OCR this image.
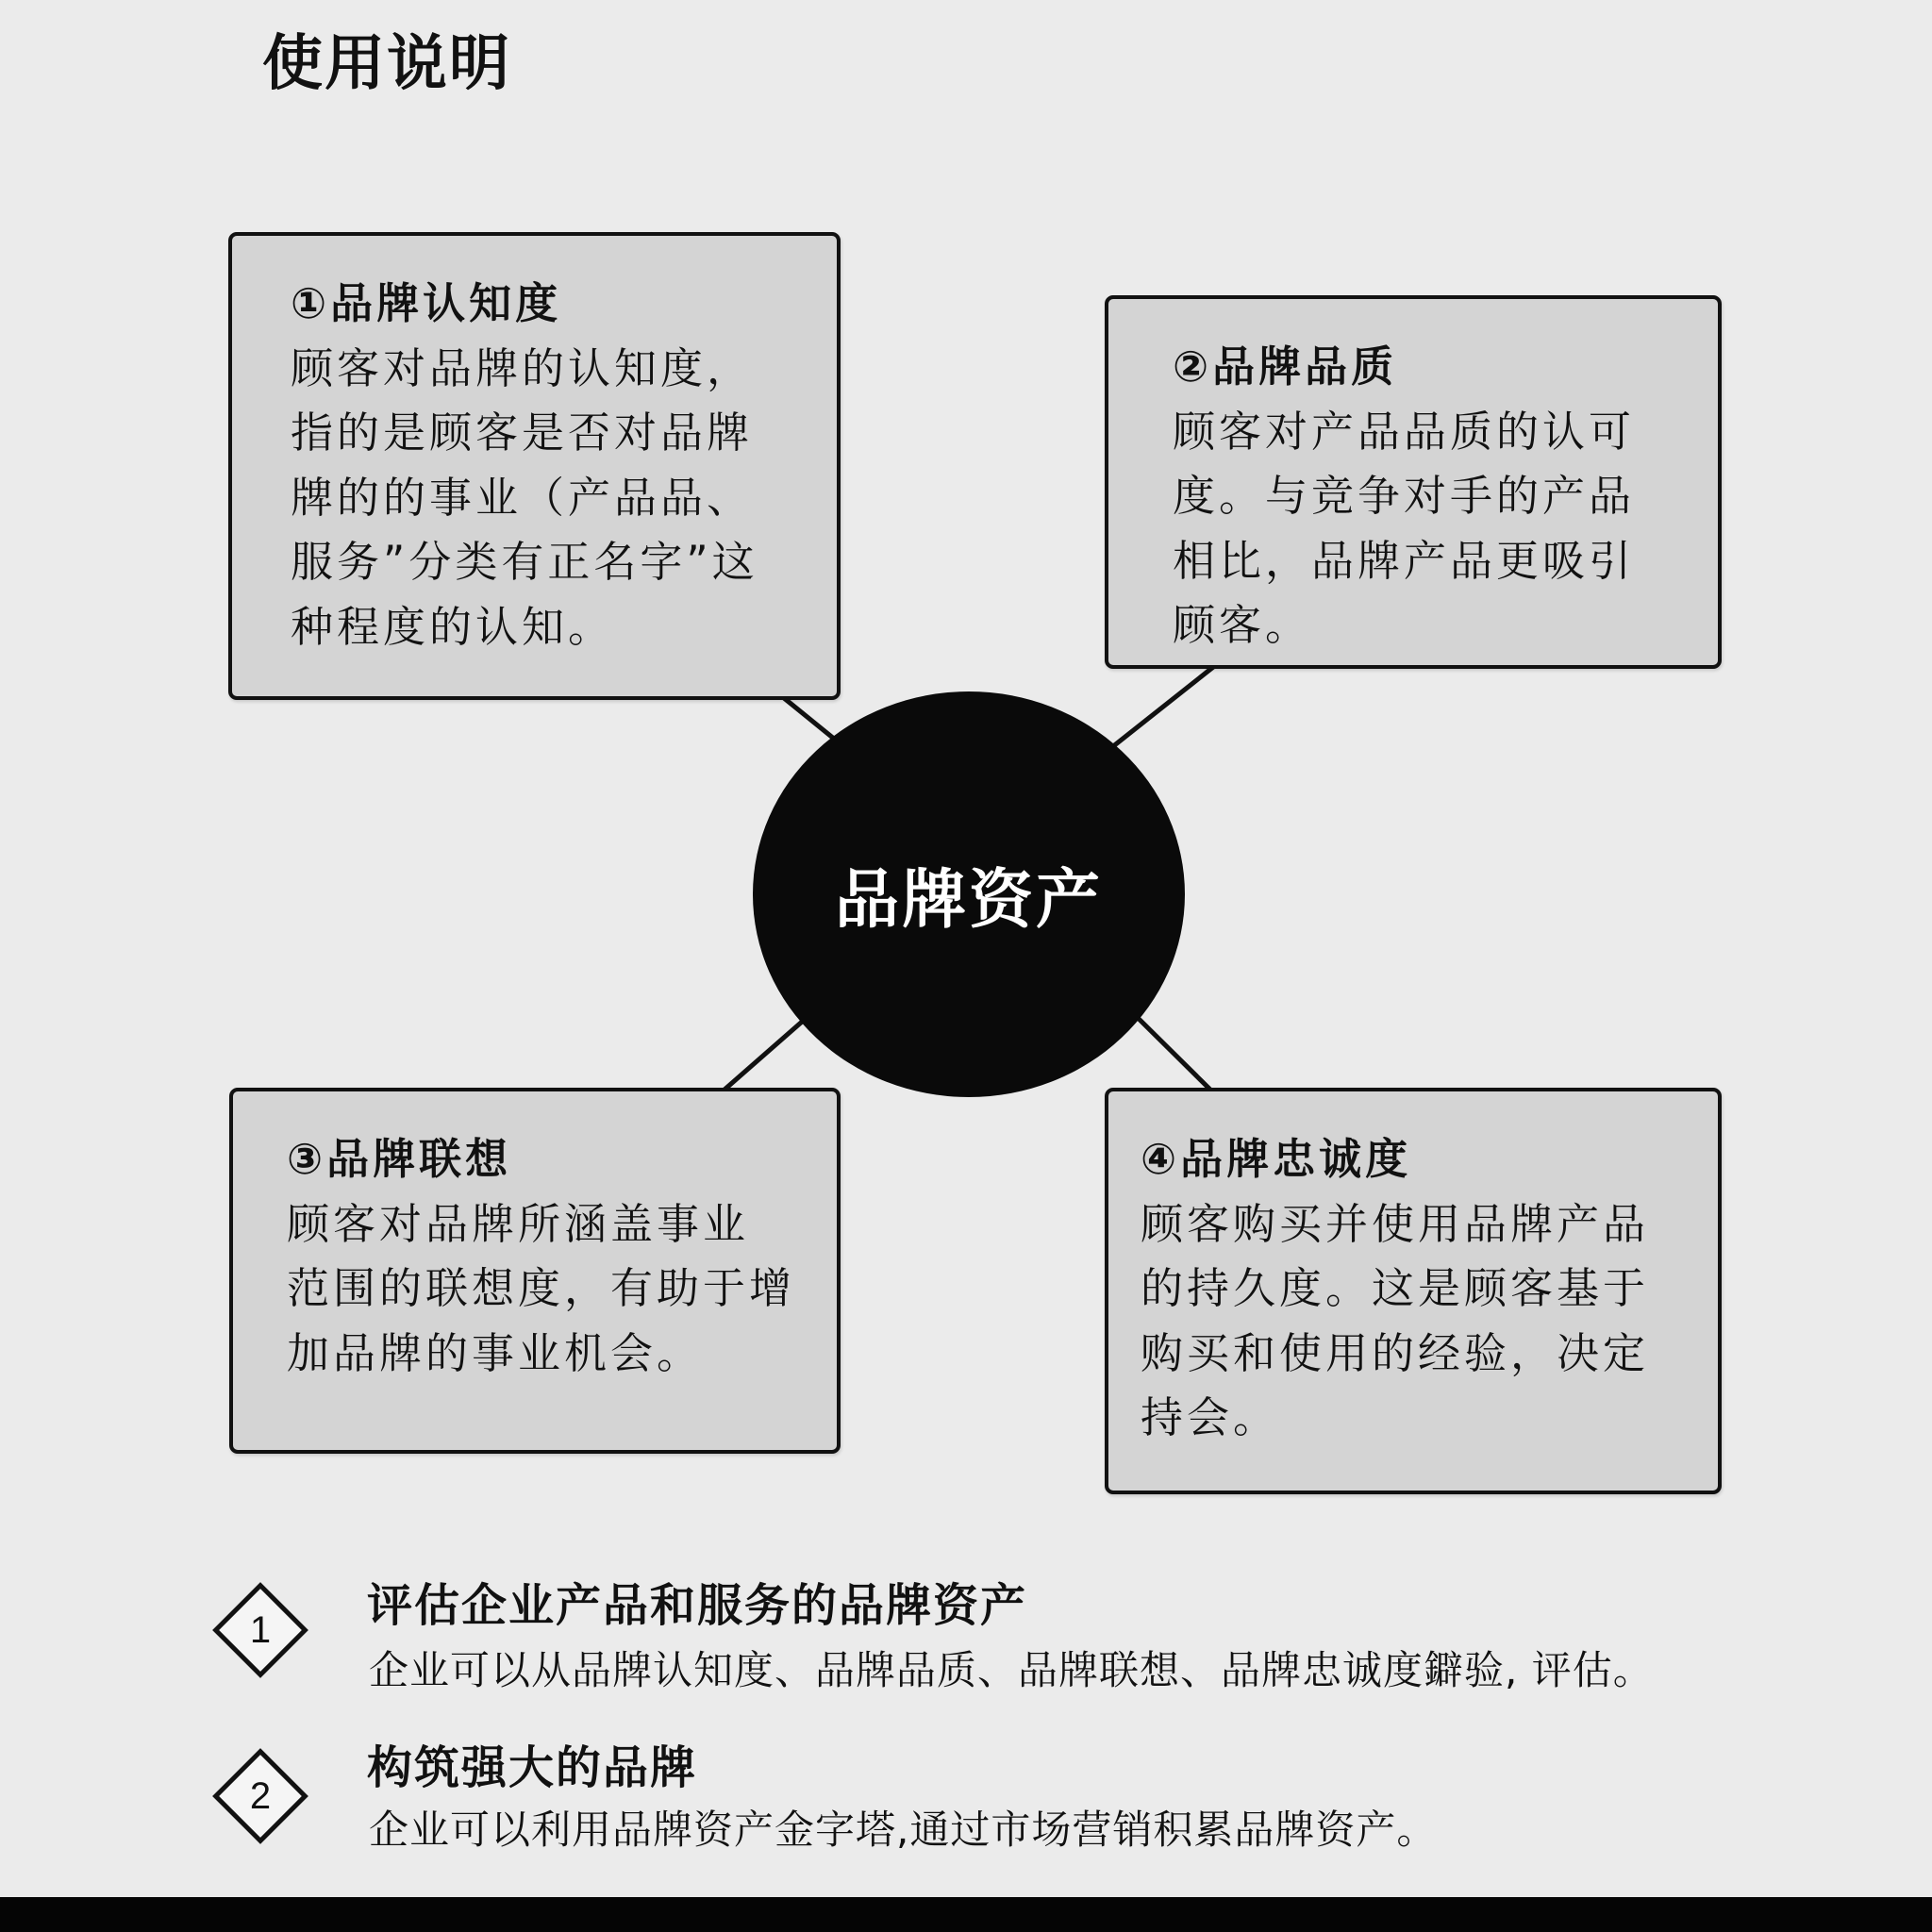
使用说明
①品牌认知度
顾客对品牌的认知度，
指的是顾客是否对品牌
牌的的事业（产品品、
服务”分类有正名字”这
种程度的认知。
②品牌品质
顾客对产品品质的认可
度。与竞争对手的产品
相比，品牌产品更吸引
顾客。
③品牌联想
顾客对品牌所涵盖事业
范围的联想度，有助于增
加品牌的事业机会。
④品牌忠诚度
顾客购买并使用品牌产品
的持久度。这是顾客基于
购买和使用的经验，决定
持会。
品牌资产
1	评估企业产品和服务的品牌资产
企业可以从品牌认知度、品牌品质、品牌联想、品牌忠诚度鐴验, 评估。
2
构筑强大的品牌
企业可以利用品牌资产金字塔,通过市场营销积累品牌资产。
